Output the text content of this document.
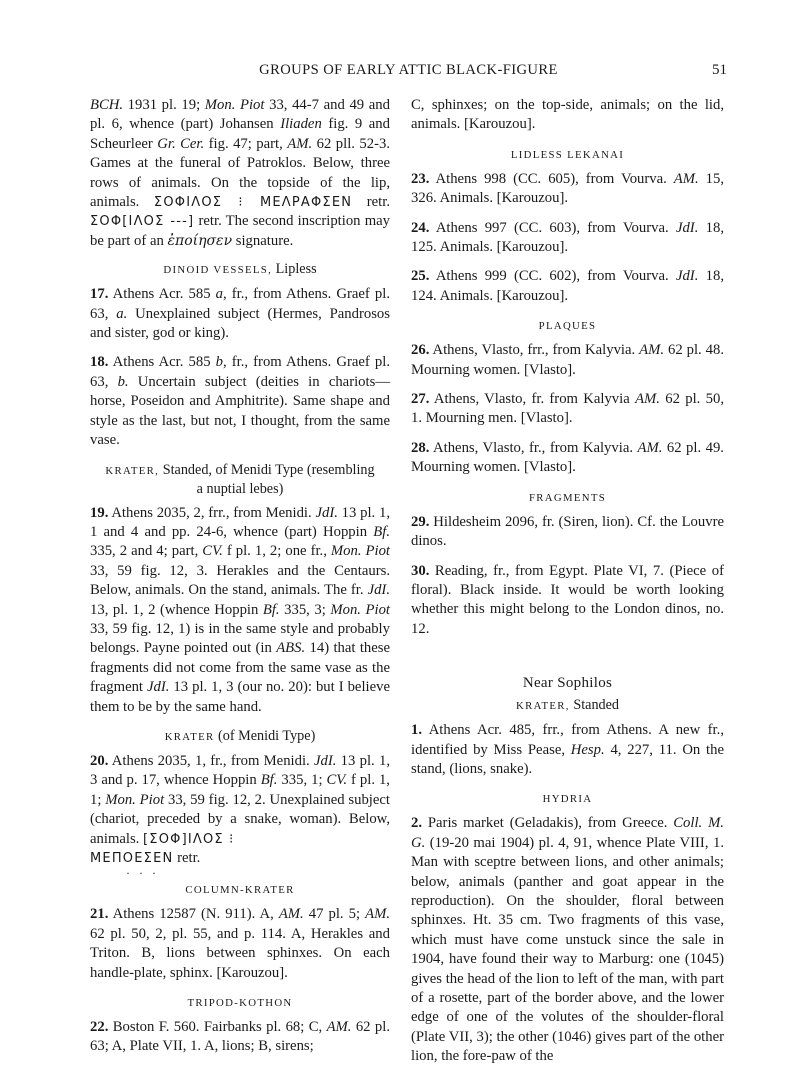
GROUPS OF EARLY ATTIC BLACK-FIGURE	51

BCH. 1931 pl. 19; Mon. Piot 33, 44-7 and 49 and pl. 6, whence (part) Johansen Iliaden fig. 9 and Scheurleer Gr. Cer. fig. 47; part, AM. 62 pll. 52-3. Games at the funeral of Patroklos. Below, three rows of animals. On the topside of the lip, animals. ΣΟΦΙΛΟΣ ⁝ ΜΕΛΡΑΦΣΕΝ retr. ΣΟΦ[ΙΛΟΣ ---] retr. The second inscription may be part of an ἐποίησεν signature.

DINOID VESSELS, Lipless

17. Athens Acr. 585 a, fr., from Athens. Graef pl. 63, a. Unexplained subject (Hermes, Pandrosos and sister, god or king).

18. Athens Acr. 585 b, fr., from Athens. Graef pl. 63, b. Uncertain subject (deities in chariots—horse, Poseidon and Amphitrite). Same shape and style as the last, but not, I thought, from the same vase.

KRATER, Standed, of Menidi Type (resembling
a nuptial lebes)

19. Athens 2035, 2, frr., from Menidi. JdI. 13 pl. 1, 1 and 4 and pp. 24-6, whence (part) Hoppin Bf. 335, 2 and 4; part, CV. f pl. 1, 2; one fr., Mon. Piot 33, 59 fig. 12, 3. Herakles and the Centaurs. Below, animals. On the stand, animals. The fr. JdI. 13, pl. 1, 2 (whence Hoppin Bf. 335, 3; Mon. Piot 33, 59 fig. 12, 1) is in the same style and probably belongs. Payne pointed out (in ABS. 14) that these fragments did not come from the same vase as the fragment JdI. 13 pl. 1, 3 (our no. 20): but I believe them to be by the same hand.

KRATER (of Menidi Type)

20. Athens 2035, 1, fr., from Menidi. JdI. 13 pl. 1, 3 and p. 17, whence Hoppin Bf. 335, 1; CV. f pl. 1, 1; Mon. Piot 33, 59 fig. 12, 2. Unexplained subject (chariot, preceded by a snake, woman). Below, animals. [ΣΟΦ]ΙΛΟΣ ⁝
ΜΕΠΟΕΣΕΝ retr.

· · ·
COLUMN-KRATER

21. Athens 12587 (N. 911). A, AM. 47 pl. 5; AM. 62 pl. 50, 2, pl. 55, and p. 114. A, Herakles and Triton. B, lions between sphinxes. On each handle-plate, sphinx. [Karouzou].

TRIPOD-KOTHON

22. Boston F. 560. Fairbanks pl. 68; C, AM. 62 pl. 63; A, Plate VII, 1. A, lions; B, sirens;

C, sphinxes; on the top-side, animals; on the lid, animals. [Karouzou].

LIDLESS LEKANAI

23. Athens 998 (CC. 605), from Vourva. AM. 15, 326. Animals. [Karouzou].

24. Athens 997 (CC. 603), from Vourva. JdI. 18, 125. Animals. [Karouzou].

25. Athens 999 (CC. 602), from Vourva. JdI. 18, 124. Animals. [Karouzou].

PLAQUES

26. Athens, Vlasto, frr., from Kalyvia. AM. 62 pl. 48. Mourning women. [Vlasto].

27. Athens, Vlasto, fr. from Kalyvia AM. 62 pl. 50, 1. Mourning men. [Vlasto].

28. Athens, Vlasto, fr., from Kalyvia. AM. 62 pl. 49. Mourning women. [Vlasto].

FRAGMENTS

29. Hildesheim 2096, fr. (Siren, lion). Cf. the Louvre dinos.

30. Reading, fr., from Egypt. Plate VI, 7. (Piece of floral). Black inside. It would be worth looking whether this might belong to the London dinos, no. 12.

Near Sophilos
KRATER, Standed

1. Athens Acr. 485, frr., from Athens. A new fr., identified by Miss Pease, Hesp. 4, 227, 11. On the stand, (lions, snake).

HYDRIA

2. Paris market (Geladakis), from Greece. Coll. M. G. (19-20 mai 1904) pl. 4, 91, whence Plate VIII, 1. Man with sceptre between lions, and other animals; below, animals (panther and goat appear in the reproduction). On the shoulder, floral between sphinxes. Ht. 35 cm. Two fragments of this vase, which must have come unstuck since the sale in 1904, have found their way to Marburg: one (1045) gives the head of the lion to left of the man, with part of a rosette, part of the border above, and the lower edge of one of the volutes of the shoulder-floral (Plate VII, 3); the other (1046) gives part of the other lion, the fore-paw of the
